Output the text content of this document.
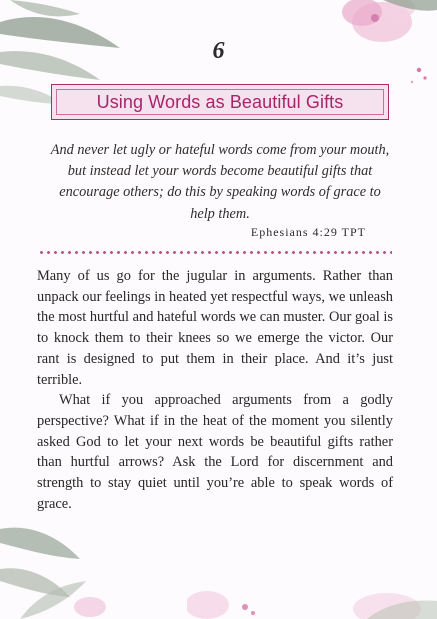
6
Using Words as Beautiful Gifts
And never let ugly or hateful words come from your mouth, but instead let your words become beautiful gifts that encourage others; do this by speaking words of grace to help them.
Ephesians 4:29 TPT

Many of us go for the jugular in arguments. Rather than unpack our feelings in heated yet respectful ways, we unleash the most hurtful and hateful words we can muster. Our goal is to knock them to their knees so we emerge the victor. Our rant is designed to put them in their place. And it’s just terrible.

What if you approached arguments from a godly perspective? What if in the heat of the moment you silently asked God to let your next words be beautiful gifts rather than hurtful arrows? Ask the Lord for discernment and strength to stay quiet until you’re able to speak words of grace.
